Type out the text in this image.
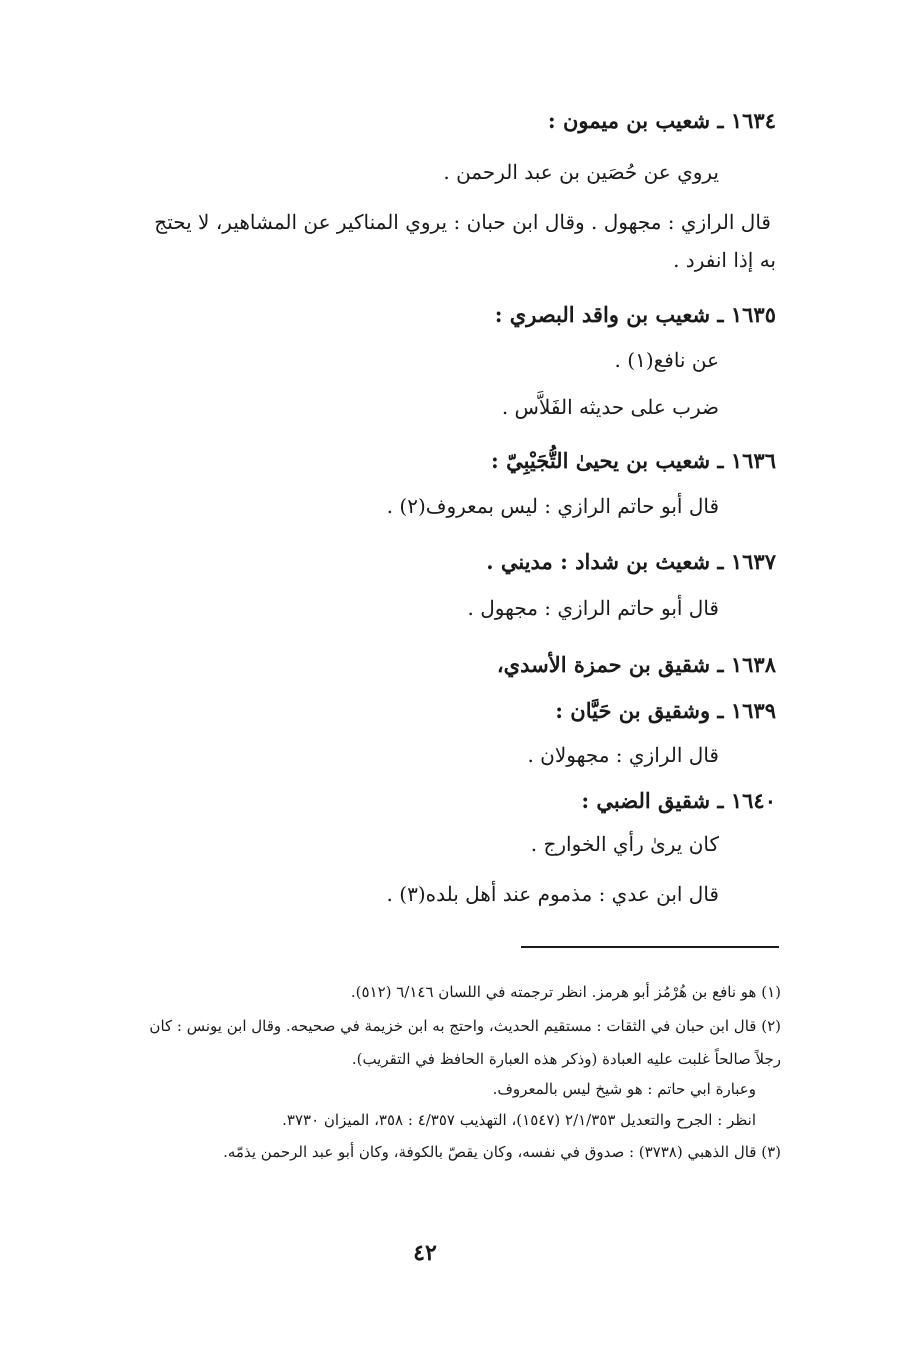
١٦٣٤ ـ شعيب بن ميمون :
يروي عن حُصَين بن عبد الرحمن .
قال الرازي : مجهول . وقال ابن حبان : يروي المناكير عن المشاهير، لا يحتج
به إذا انفرد .
١٦٣٥ ـ شعيب بن واقد البصري :
عن نافع(١) .
ضرب على حديثه الفَلاَّس .
١٦٣٦ ـ شعيب بن يحيىٰ التُّجَيْبِيّ :
قال أبو حاتم الرازي : ليس بمعروف(٢) .
١٦٣٧ ـ شعيث بن شداد : مديني .
قال أبو حاتم الرازي : مجهول .
١٦٣٨ ـ شقيق بن حمزة الأسدي،
١٦٣٩ ـ وشقيق بن حَيَّان :
قال الرازي : مجهولان .
١٦٤٠ ـ شقيق الضبي :
كان يرىٰ رأي الخوارج .
قال ابن عدي : مذموم عند أهل بلده(٣) .
(١) هو نافع بن هُرْمُز أبو هرمز. انظر ترجمته في اللسان ٦/١٤٦ (٥١٢).
(٢) قال ابن حبان في الثقات : مستقيم الحديث، واحتج به ابن خزيمة في صحيحه. وقال ابن يونس : كان
رجلاً صالحاً غلبت عليه العبادة (وذكر هذه العبارة الحافظ في التقريب).
وعبارة ابي حاتم : هو شيخ ليس بالمعروف.
انظر : الجرح والتعديل ٢/١/٣٥٣ (١٥٤٧)، التهذيب ٤/٣٥٧ : ٣٥٨، الميزان ٣٧٣٠.
(٣) قال الذهبي (٣٧٣٨) : صدوق في نفسه، وكان يقصّ بالكوفة، وكان أبو عبد الرحمن يذمّه.
٤٢
